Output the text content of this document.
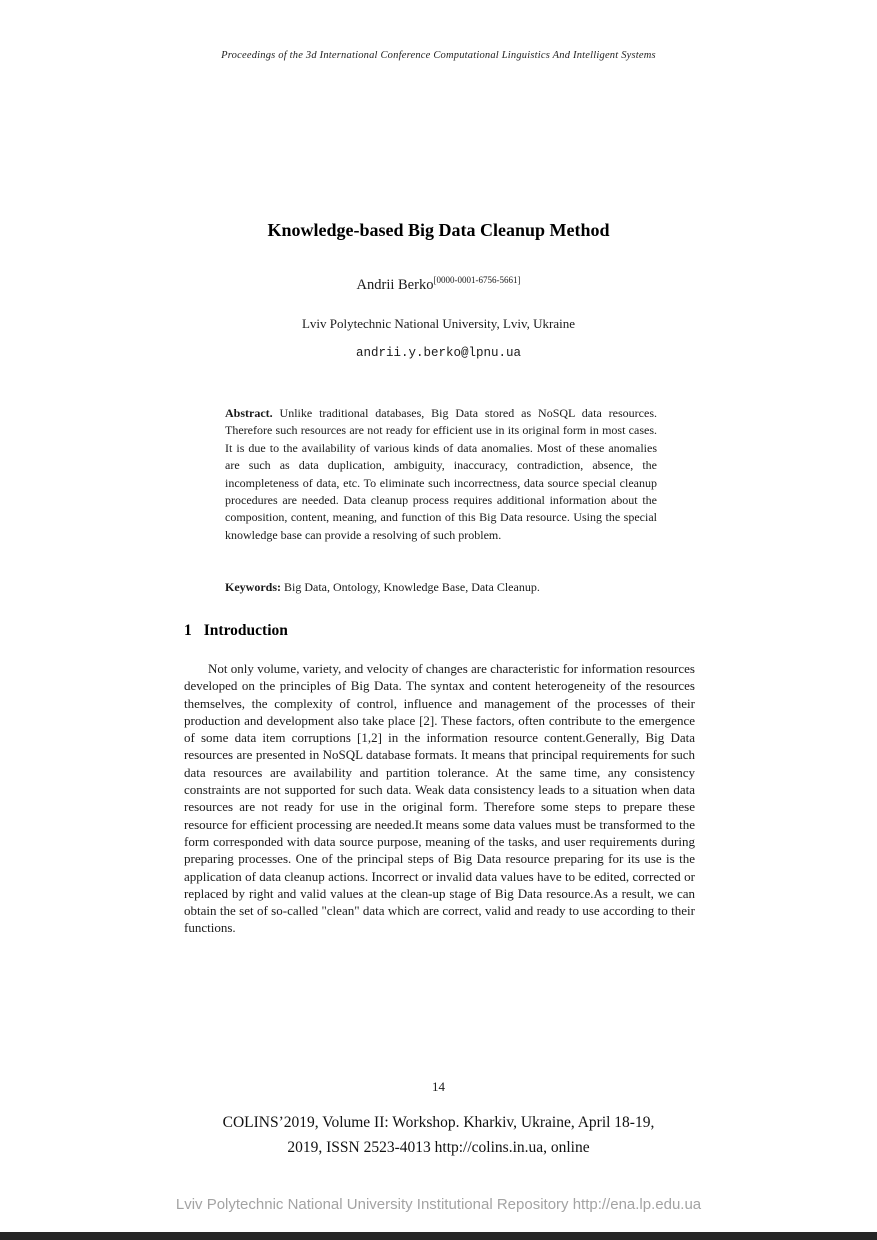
Proceedings of the 3d International Conference Computational Linguistics And Intelligent Systems
Knowledge-based Big Data Cleanup Method
Andrii Berko[0000-0001-6756-5661]
Lviv Polytechnic National University, Lviv, Ukraine
andrii.y.berko@lpnu.ua
Abstract. Unlike traditional databases, Big Data stored as NoSQL data resources. Therefore such resources are not ready for efficient use in its original form in most cases. It is due to the availability of various kinds of data anomalies. Most of these anomalies are such as data duplication, ambiguity, inaccuracy, contradiction, absence, the incompleteness of data, etc. To eliminate such incorrectness, data source special cleanup procedures are needed. Data cleanup process requires additional information about the composition, content, meaning, and function of this Big Data resource. Using the special knowledge base can provide a resolving of such problem.
Keywords: Big Data, Ontology, Knowledge Base, Data Cleanup.
1 Introduction

Not only volume, variety, and velocity of changes are characteristic for information resources developed on the principles of Big Data. The syntax and content heterogeneity of the resources themselves, the complexity of control, influence and management of the processes of their production and development also take place [2]. These factors, often contribute to the emergence of some data item corruptions [1,2] in the information resource content.Generally, Big Data resources are presented in NoSQL database formats. It means that principal requirements for such data resources are availability and partition tolerance. At the same time, any consistency constraints are not supported for such data. Weak data consistency leads to a situation when data resources are not ready for use in the original form. Therefore some steps to prepare these resource for efficient processing are needed.It means some data values must be transformed to the form corresponded with data source purpose, meaning of the tasks, and user requirements during preparing processes. One of the principal steps of Big Data resource preparing for its use is the application of data cleanup actions. Incorrect or invalid data values have to be edited, corrected or replaced by right and valid values at the clean-up stage of Big Data resource.As a result, we can obtain the set of so-called "clean" data which are correct, valid and ready to use according to their functions.

14
COLINS’2019, Volume II: Workshop. Kharkiv, Ukraine, April 18-19,
2019, ISSN 2523-4013 http://colins.in.ua, online
Lviv Polytechnic National University Institutional Repository http://ena.lp.edu.ua
